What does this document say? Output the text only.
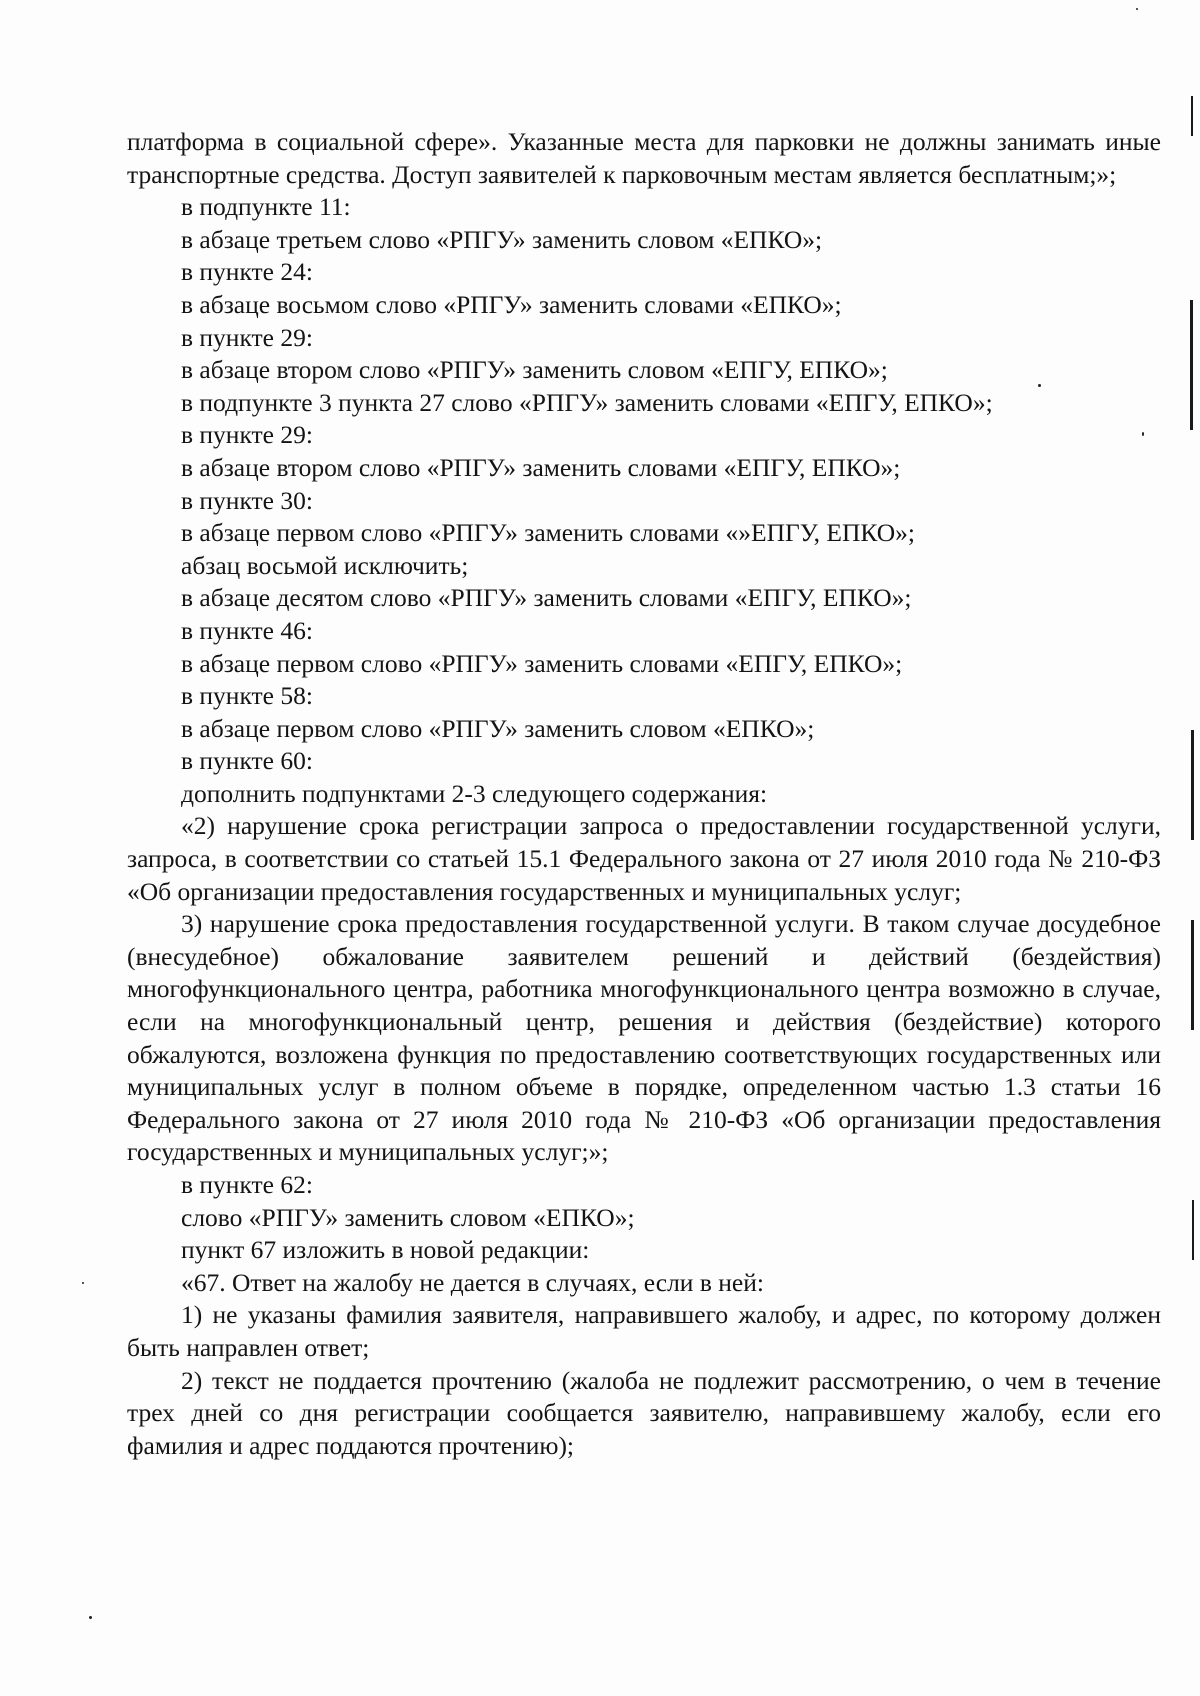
платформа в социальной сфере». Указанные места для парковки не должны занимать иные транспортные средства. Доступ заявителей к парковочным местам является бесплатным;»;

в подпункте 11:

в абзаце третьем слово «РПГУ» заменить словом «ЕПКО»;

в пункте 24:

в абзаце восьмом слово «РПГУ» заменить словами «ЕПКО»;

в пункте 29:

в абзаце втором слово «РПГУ» заменить словом «ЕПГУ, ЕПКО»;

в подпункте 3 пункта 27 слово «РПГУ» заменить словами «ЕПГУ, ЕПКО»;

в пункте 29:

в абзаце втором слово «РПГУ» заменить словами «ЕПГУ, ЕПКО»;

в пункте 30:

в абзаце первом слово «РПГУ» заменить словами «»ЕПГУ, ЕПКО»;

абзац восьмой исключить;

в абзаце десятом слово «РПГУ» заменить словами «ЕПГУ, ЕПКО»;

в пункте 46:

в абзаце первом слово «РПГУ» заменить словами «ЕПГУ, ЕПКО»;

в пункте 58:

в абзаце первом слово «РПГУ» заменить словом «ЕПКО»;

в пункте 60:

дополнить подпунктами 2-3 следующего содержания:

«2) нарушение срока регистрации запроса о предоставлении государственной услуги, запроса, в соответствии со статьей 15.1 Федерального закона от 27 июля 2010 года № 210-ФЗ «Об организации предоставления государственных и муниципальных услуг;

3) нарушение срока предоставления государственной услуги. В таком случае досудебное (внесудебное) обжалование заявителем решений и действий (бездействия) многофункционального центра, работника многофункционального центра возможно в случае, если на многофункциональный центр, решения и действия (бездействие) которого обжалуются, возложена функция по предоставлению соответствующих государственных или муниципальных услуг в полном объеме в порядке, определенном частью 1.3 статьи 16 Федерального закона от 27 июля 2010 года № 210-ФЗ «Об организации предоставления государственных и муниципальных услуг;»;

в пункте 62:

слово «РПГУ» заменить словом «ЕПКО»;

пункт 67 изложить в новой редакции:

«67. Ответ на жалобу не дается в случаях, если в ней:

1) не указаны фамилия заявителя, направившего жалобу, и адрес, по которому должен быть направлен ответ;

2) текст не поддается прочтению (жалоба не подлежит рассмотрению, о чем в течение трех дней со дня регистрации сообщается заявителю, направившему жалобу, если его фамилия и адрес поддаются прочтению);
